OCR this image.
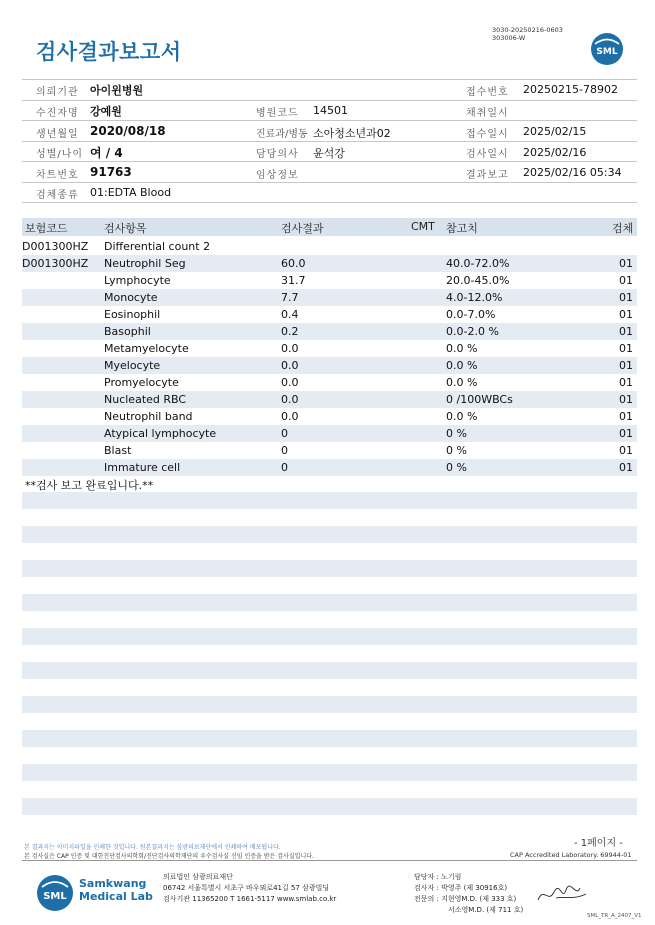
검사결과보고서
3030-20250216-0603
303006-W
SML
의뢰기관 아이윈병원	접수번호 20250215-78902
수진자명 강예원	병원코드 14501	채취일시
생년월일 2020/08/18	진료과/병동 소아청소년과02	접수일시 2025/02/15
성별/나이 여 / 4	담당의사 윤석강	검사일시 2025/02/16
차트번호 91763	임상정보	결과보고 2025/02/16 05:34
검체종류 01:EDTA Blood
보험코드	검사항목	검사결과	CMT 참고치	검체
D001300HZ Differential count 2
D001300HZ Neutrophil Seg	60.0	40.0-72.0%	01
Lymphocyte	31.7	20.0-45.0%	01
Monocyte	7.7	4.0-12.0%	01
Eosinophil	0.4	0.0-7.0%	01
Basophil	0.2	0.0-2.0 %	01
Metamyelocyte	0.0	0.0 %	01
Myelocyte	0.0	0.0 %	01
Promyelocyte	0.0	0.0 %	01
Nucleated RBC	0.0	0 /100WBCs	01
Neutrophil band	0.0	0.0 %	01
Atypical lymphocyte	0	0 %	01
Blast	0	0 %	01
Immature cell	0	0 %	01
**검사 보고 완료입니다.**
본 결과지는 이미지파일을 인쇄한 것입니다. 원본결과지는 삼광의료재단에서 인쇄하여 배포됩니다.
본 검사실은 CAP 인증 및 대한진단검사의학회/진단검사의학재단의 우수검사실 신임 인증을 받은 검사실입니다.
- 1페이지 -
CAP Accredited Laboratory. 69944-01
SML
Samkwang
Medical Lab
의료법인 삼광의료재단
06742 서울특별시 서초구 바우뫼로41길 57 삼광빌딩
검사기관 11365200 T 1661-5117 www.smlab.co.kr
담당자 : 노기림
검사자 : 박영주 (제 30916호)
전문의 : 지현영M.D. (제 333 호)
서소영M.D. (제 711 호)
SML_TR_A_2407_V1
